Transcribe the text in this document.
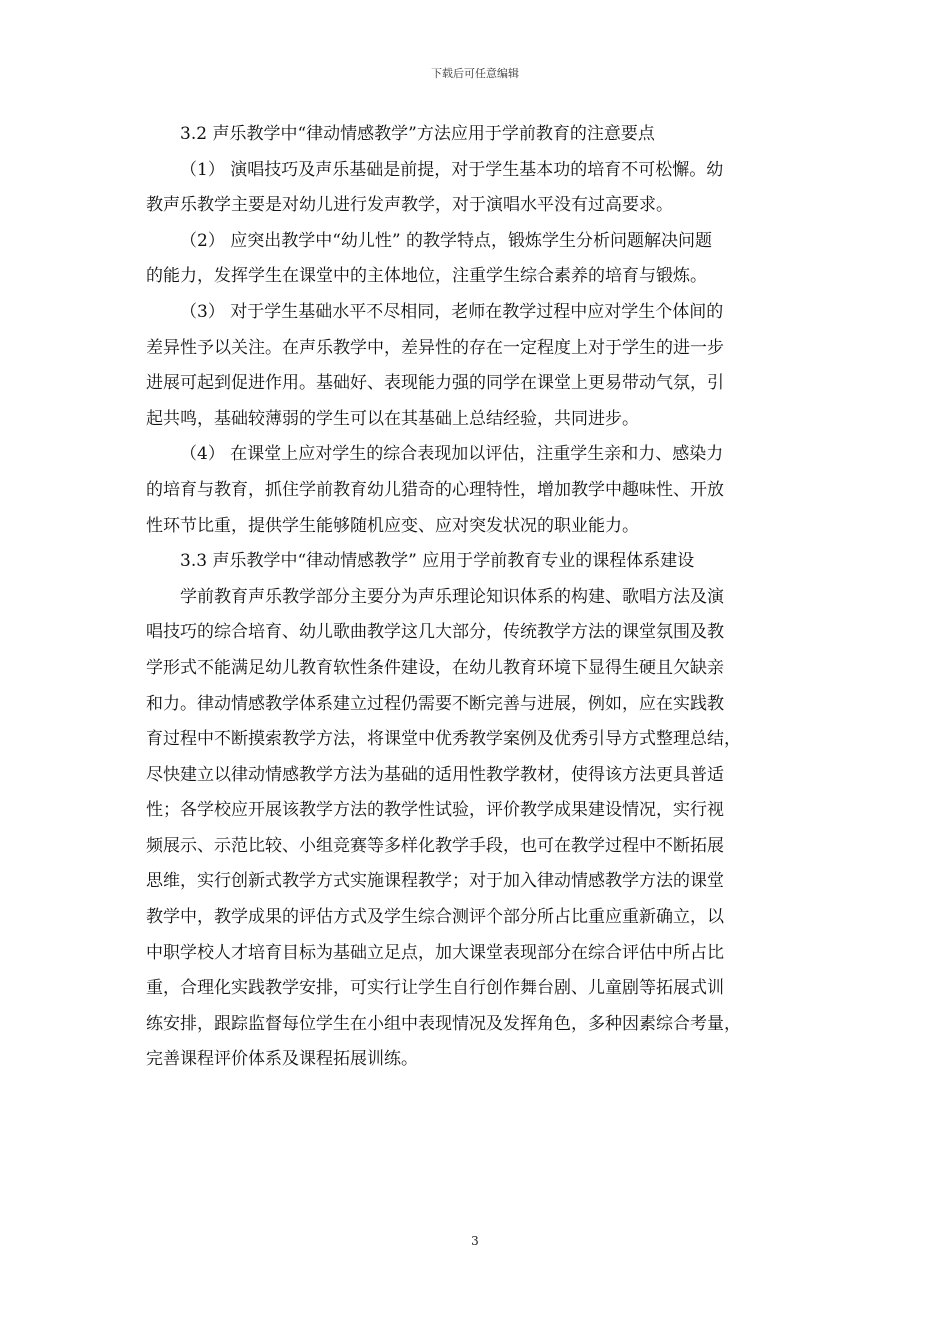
下载后可任意编辑
3.2 声乐教学中“律动情感教学”方法应用于学前教育的注意要点

（1） 演唱技巧及声乐基础是前提，对于学生基本功的培育不可松懈。幼
教声乐教学主要是对幼儿进行发声教学，对于演唱水平没有过高要求。

（2） 应突出教学中“幼儿性” 的教学特点，锻炼学生分析问题解决问题
的能力，发挥学生在课堂中的主体地位，注重学生综合素养的培育与锻炼。

（3） 对于学生基础水平不尽相同，老师在教学过程中应对学生个体间的
差异性予以关注。在声乐教学中，差异性的存在一定程度上对于学生的进一步
进展可起到促进作用。基础好、表现能力强的同学在课堂上更易带动气氛，引
起共鸣，基础较薄弱的学生可以在其基础上总结经验，共同进步。

（4） 在课堂上应对学生的综合表现加以评估，注重学生亲和力、感染力
的培育与教育，抓住学前教育幼儿猎奇的心理特性，增加教学中趣味性、开放
性环节比重，提供学生能够随机应变、应对突发状况的职业能力。

3.3 声乐教学中“律动情感教学” 应用于学前教育专业的课程体系建设

学前教育声乐教学部分主要分为声乐理论知识体系的构建、歌唱方法及演
唱技巧的综合培育、幼儿歌曲教学这几大部分，传统教学方法的课堂氛围及教
学形式不能满足幼儿教育软性条件建设，在幼儿教育环境下显得生硬且欠缺亲
和力。律动情感教学体系建立过程仍需要不断完善与进展，例如，应在实践教
育过程中不断摸索教学方法，将课堂中优秀教学案例及优秀引导方式整理总结，
尽快建立以律动情感教学方法为基础的适用性教学教材，使得该方法更具普适
性；各学校应开展该教学方法的教学性试验，评价教学成果建设情况，实行视
频展示、示范比较、小组竞赛等多样化教学手段，也可在教学过程中不断拓展
思维，实行创新式教学方式实施课程教学；对于加入律动情感教学方法的课堂
教学中，教学成果的评估方式及学生综合测评个部分所占比重应重新确立，以
中职学校人才培育目标为基础立足点，加大课堂表现部分在综合评估中所占比
重，合理化实践教学安排，可实行让学生自行创作舞台剧、儿童剧等拓展式训
练安排，跟踪监督每位学生在小组中表现情况及发挥角色，多种因素综合考量，
完善课程评价体系及课程拓展训练。

3
